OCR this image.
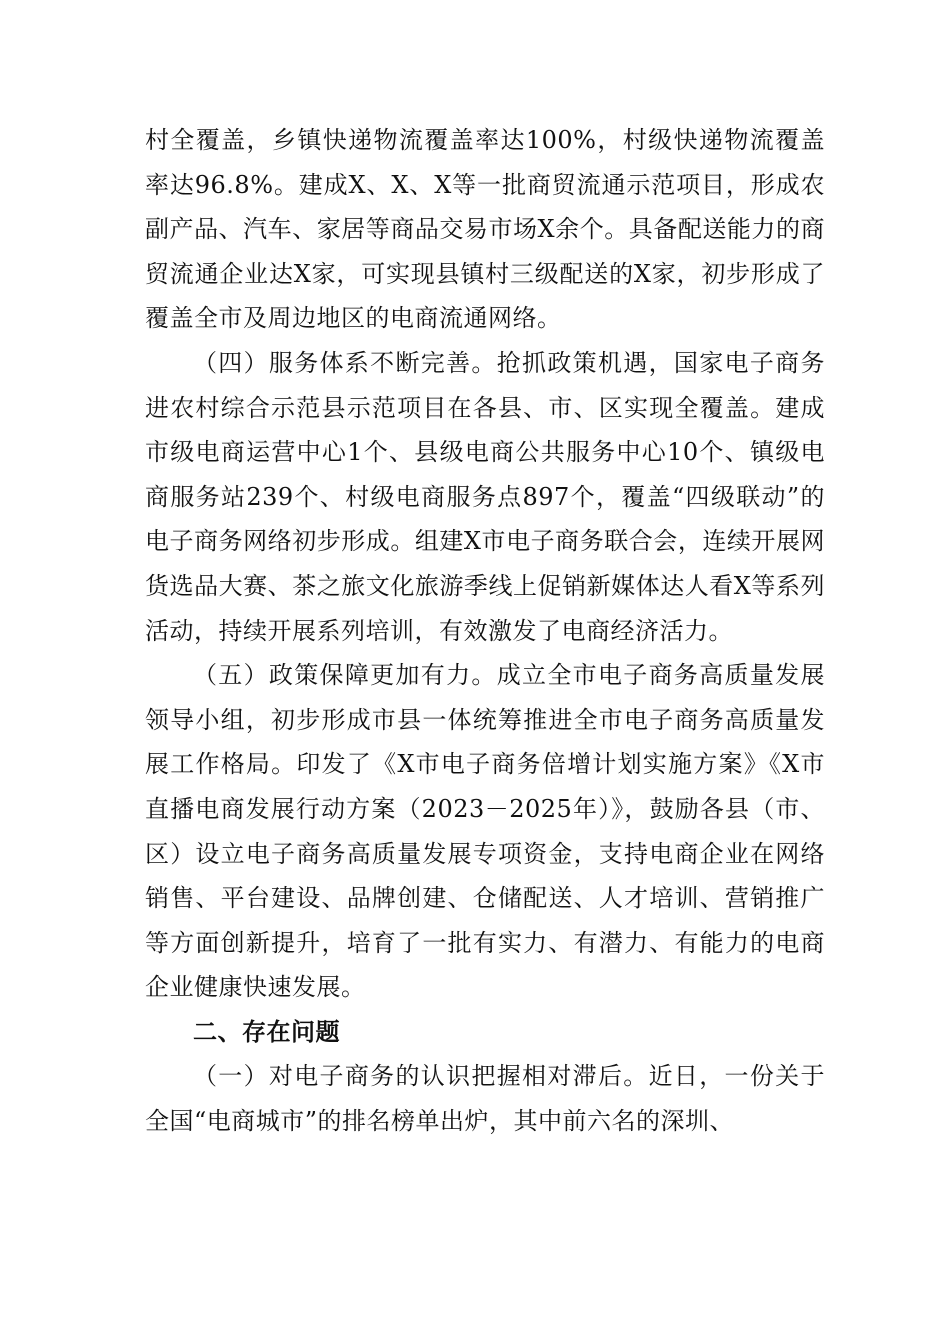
村全覆盖，乡镇快递物流覆盖率达100%，村级快递物流覆盖率达96.8%。建成X、X、X等一批商贸流通示范项目，形成农副产品、汽车、家居等商品交易市场X余个。具备配送能力的商贸流通企业达X家，可实现县镇村三级配送的X家，初步形成了覆盖全市及周边地区的电商流通网络。

（四）服务体系不断完善。抢抓政策机遇，国家电子商务进农村综合示范县示范项目在各县、市、区实现全覆盖。建成市级电商运营中心1个、县级电商公共服务中心10个、镇级电商服务站239个、村级电商服务点897个，覆盖“四级联动”的电子商务网络初步形成。组建X市电子商务联合会，连续开展网货选品大赛、茶之旅文化旅游季线上促销新媒体达人看X等系列活动，持续开展系列培训，有效激发了电商经济活力。

（五）政策保障更加有力。成立全市电子商务高质量发展领导小组，初步形成市县一体统筹推进全市电子商务高质量发展工作格局。印发了《X市电子商务倍增计划实施方案》《X市直播电商发展行动方案（2023－2025年）》，鼓励各县（市、区）设立电子商务高质量发展专项资金，支持电商企业在网络销售、平台建设、品牌创建、仓储配送、人才培训、营销推广等方面创新提升，培育了一批有实力、有潜力、有能力的电商企业健康快速发展。

二、存在问题

（一）对电子商务的认识把握相对滞后。近日，一份关于全国“电商城市”的排名榜单出炉，其中前六名的深圳、
